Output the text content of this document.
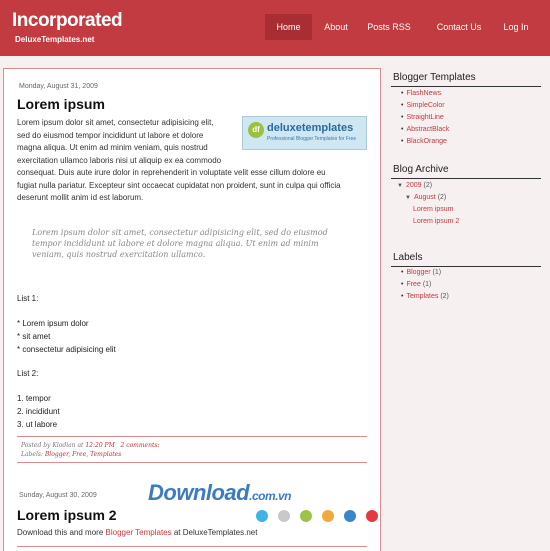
Incorporated
DeluxeTemplates.net
Home	About	Posts RSS	Contact Us	Log In
Monday, August 31, 2009
Lorem ipsum
df deluxetemplates
Professional Blogger Templates for Free
Lorem ipsum dolor sit amet, consectetur adipisicing elit,
sed do eiusmod tempor incididunt ut labore et dolore
magna aliqua. Ut enim ad minim veniam, quis nostrud
exercitation ullamco laboris nisi ut aliquip ex ea commodo
consequat. Duis aute irure dolor in reprehenderit in voluptate velit esse cillum dolore eu
fugiat nulla pariatur. Excepteur sint occaecat cupidatat non proident, sunt in culpa qui officia
deserunt mollit anim id est laborum.
Lorem ipsum dolor sit amet, consectetur adipisicing elit, sed do eiusmod tempor incididunt ut labore et dolore magna aliqua. Ut enim ad minim veniam, quis nostrud exercitation ullamco.
List 1:
* Lorem ipsum dolor
* sit amet
* consectetur adipisicing elit
List 2:
1. tempor
2. incididunt
3. ut labore
Posted by Klodian at 12:20 PM 2 comments:
Labels: Blogger, Free, Templates
Sunday, August 30, 2009
Lorem ipsum 2
Download this and more Blogger Templates at DeluxeTemplates.net
Blogger Templates
• FlashNews
• SimpleColor
• StraightLine
• AbstractBlack
• BlackOrange
Blog Archive
▼ 2009 (2)
▼ August (2)
Lorem ipsum
Lorem ipsum 2
Labels
• Blogger (1)
• Free (1)
• Templates (2)
Download.com.vn
